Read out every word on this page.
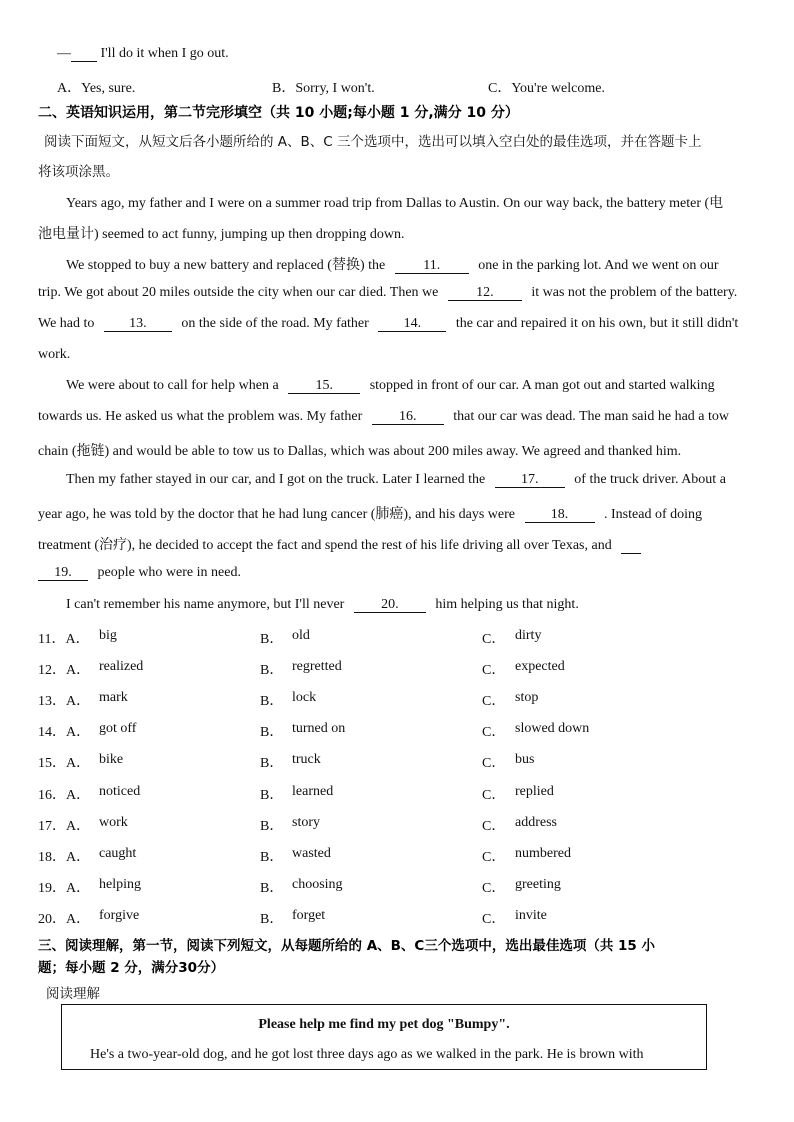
— I'll do it when I go out.
A．Yes, sure.	B．Sorry, I won't.	C．You're welcome.
二、英语知识运用，第二节完形填空（共 10 小题;每小题 1 分,满分 10 分）
阅读下面短文，从短文后各小题所给的 A、B、C 三个选项中，选出可以填入空白处的最佳选项，并在答题卡上
将该项涂黑。
Years ago, my father and I were on a summer road trip from Dallas to Austin. On our way back, the battery meter (电
池电量计) seemed to act funny, jumping up then dropping down.
We stopped to buy a new battery and replaced (替换) the	11.	one in the parking lot. And we went on our
trip. We got about 20 miles outside the city when our car died. Then we	12.	it was not the problem of the battery.
We had to 13. on the side of the road. My father 14. the car and repaired it on his own, but it still didn't
work.
We were about to call for help when a	15.	stopped in front of our car. A man got out and started walking
towards us. He asked us what the problem was. My father	16.	that our car was dead. The man said he had a tow
chain (拖链) and would be able to tow us to Dallas, which was about 200 miles away. We agreed and thanked him.
Then my father stayed in our car, and I got on the truck. Later I learned the	17.	of the truck driver. About a
year ago, he was told by the doctor that he had lung cancer (肺癌), and his days were	18.	. Instead of doing
treatment (治疗), he decided to accept the fact and spend the rest of his life driving all over Texas, and
19. people who were in need.
I can't remember his name anymore, but I'll never	20.	him helping us that night.
11．A． big	B． old	C． dirty
12．A． realized	B． regretted	C． expected
13．A． mark	B． lock	C． stop
14．A． got off	B． turned on	C． slowed down
15．A． bike	B． truck	C． bus
16．A． noticed	B． learned	C． replied
17．A． work	B． story	C． address
18．A． caught	B． wasted	C． numbered
19．A． helping	B． choosing	C． greeting
20．A． forgive	B． forget	C． invite
三、阅读理解，第一节，阅读下列短文，从每题所给的 A、B、C三个选项中，选出最佳选项（共 15 小
题；每小题 2 分，满分30分）
阅读理解
Please help me find my pet dog "Bumpy".
He's a two-year-old dog, and he got lost three days ago as we walked in the park. He is brown with
